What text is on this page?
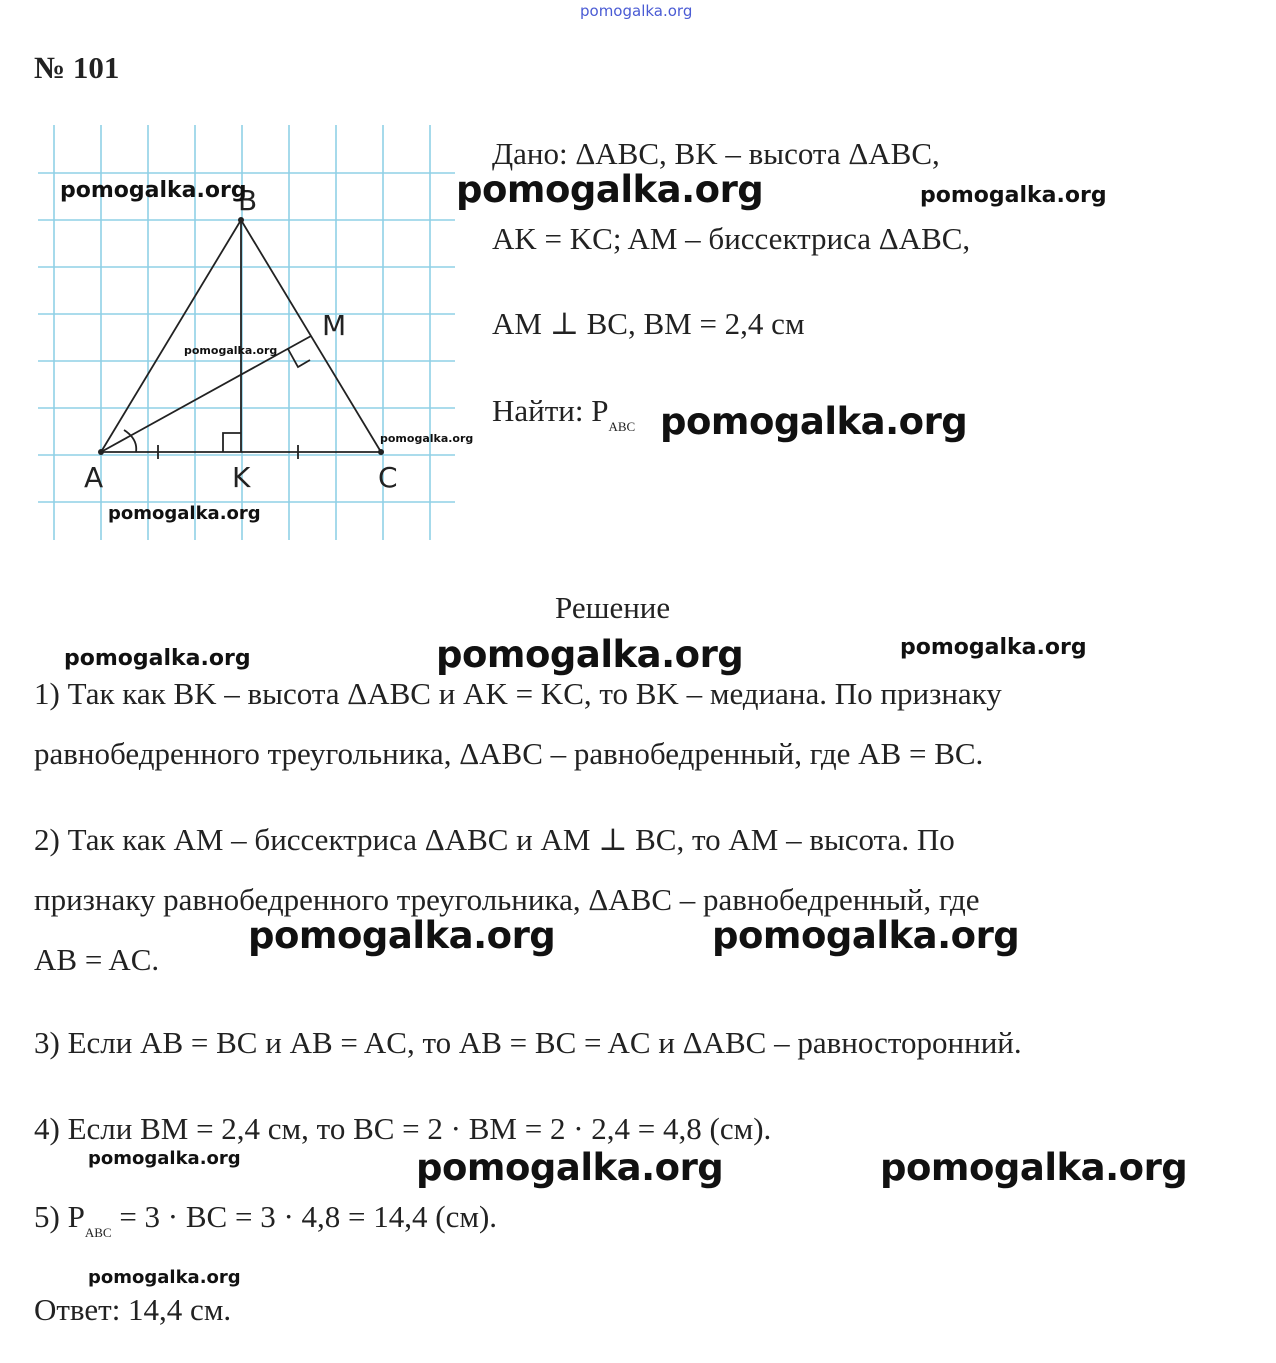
pomogalka.org
№ 101
A
B
C
K
M
Дано: ΔABC, BK – высота ΔABC,
AK = KC; AM – биссектриса ΔABC,
AM ⊥ BC, BM = 2,4 см
Найти: $P_{ABC}$
Решение
1) Так как BK – высота ΔABC и AK = KC, то BK – медиана. По признаку
равнобедренного треугольника, ΔABC – равнобедренный, где AB = BC.
2) Так как AM – биссектриса ΔABC и AM ⊥ BC, то AM – высота. По
признаку равнобедренного треугольника, ΔABC – равнобедренный, где
AB = AC.
3) Если AB = BC и AB = AC, то AB = BC = AC и ΔABC – равносторонний.
4) Если BM = 2,4 см, то BC = 2 · BM = 2 · 2,4 = 4,8 (см).
5) $P_{ABC} = 3$ · BC = 3 · 4,8 = 14,4 (см).
Ответ: 14,4 см.
pomogalka.org
pomogalka.org
pomogalka.org
pomogalka.org
pomogalka.org	pomogalka.org
pomogalka.org
pomogalka.org	pomogalka.org	pomogalka.org
pomogalka.org	pomogalka.org
pomogalka.org	pomogalka.org	pomogalka.org
pomogalka.org
